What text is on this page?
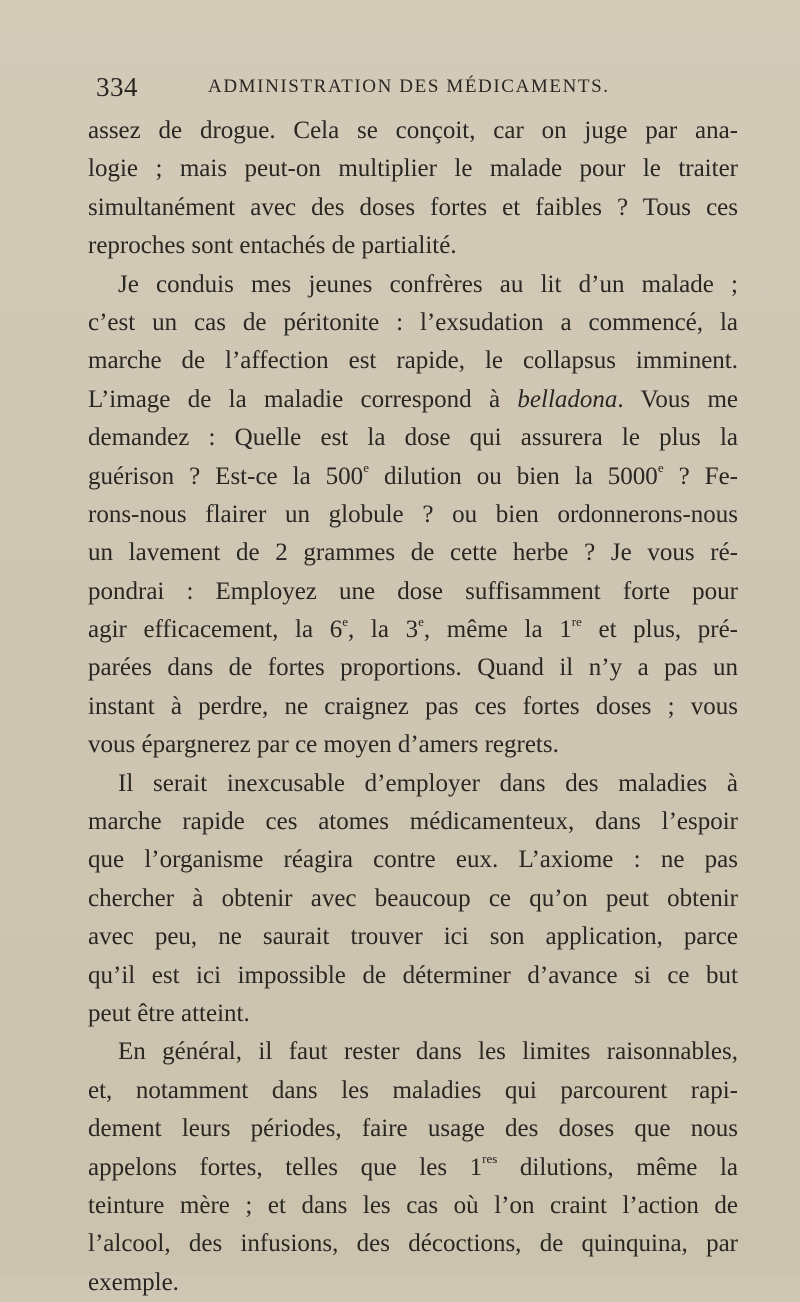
334	ADMINISTRATION DES MÉDICAMENTS.
assez de drogue. Cela se conçoit, car on juge par ana-
logie ; mais peut-on multiplier le malade pour le traiter
simultanément avec des doses fortes et faibles ? Tous ces
reproches sont entachés de partialité.
Je conduis mes jeunes confrères au lit d’un malade ;
c’est un cas de péritonite : l’exsudation a commencé, la
marche de l’affection est rapide, le collapsus imminent.
L’image de la maladie correspond à belladona. Vous me
demandez : Quelle est la dose qui assurera le plus la
guérison ? Est-ce la 500e dilution ou bien la 5000e ? Fe-
rons-nous flairer un globule ? ou bien ordonnerons-nous
un lavement de 2 grammes de cette herbe ? Je vous ré-
pondrai : Employez une dose suffisamment forte pour
agir efficacement, la 6e, la 3e, même la 1re et plus, pré-
parées dans de fortes proportions. Quand il n’y a pas un
instant à perdre, ne craignez pas ces fortes doses ; vous
vous épargnerez par ce moyen d’amers regrets.
Il serait inexcusable d’employer dans des maladies à
marche rapide ces atomes médicamenteux, dans l’espoir
que l’organisme réagira contre eux. L’axiome : ne pas
chercher à obtenir avec beaucoup ce qu’on peut obtenir
avec peu, ne saurait trouver ici son application, parce
qu’il est ici impossible de déterminer d’avance si ce but
peut être atteint.
En général, il faut rester dans les limites raisonnables,
et, notamment dans les maladies qui parcourent rapi-
dement leurs périodes, faire usage des doses que nous
appelons fortes, telles que les 1res dilutions, même la
teinture mère ; et dans les cas où l’on craint l’action de
l’alcool, des infusions, des décoctions, de quinquina, par
exemple.
